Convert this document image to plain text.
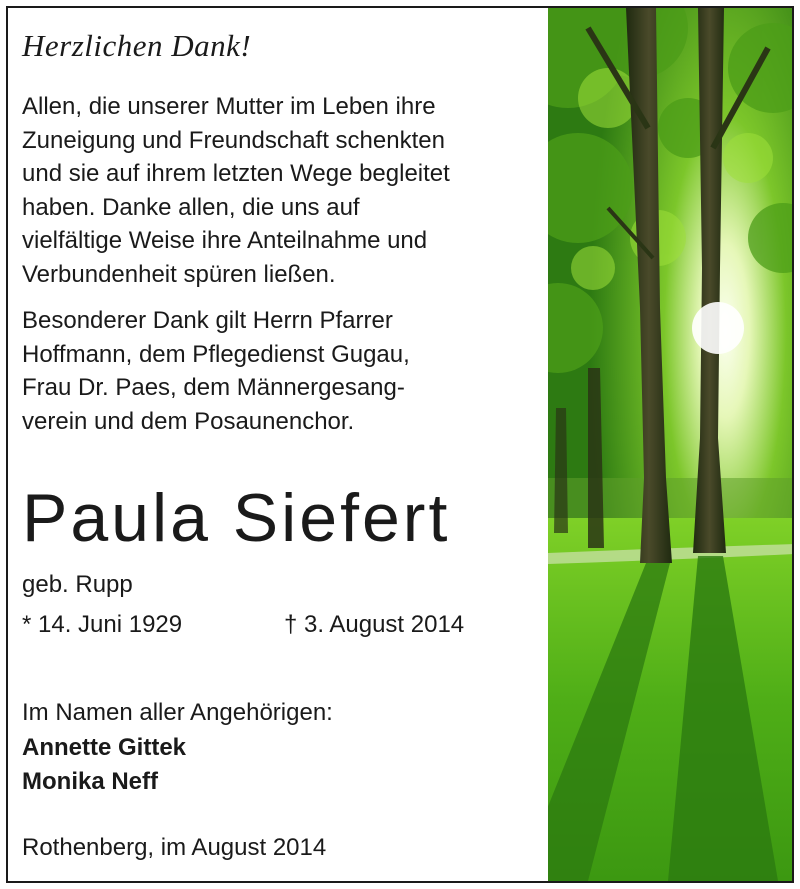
Herzlichen Dank!

Allen, die unserer Mutter im Leben ihre
Zuneigung und Freundschaft schenkten
und sie auf ihrem letzten Wege begleitet
haben. Danke allen, die uns auf
vielfältige Weise ihre Anteilnahme und
Verbundenheit spüren ließen.

Besonderer Dank gilt Herrn Pfarrer
Hoffmann, dem Pflegedienst Gugau,
Frau Dr. Paes, dem Männergesang-
verein und dem Posaunenchor.

Paula Siefert
geb. Rupp
* 14. Juni 1929	† 3. August 2014
Im Namen aller Angehörigen:
Annette Gittek
Monika Neff
Rothenberg, im August 2014
